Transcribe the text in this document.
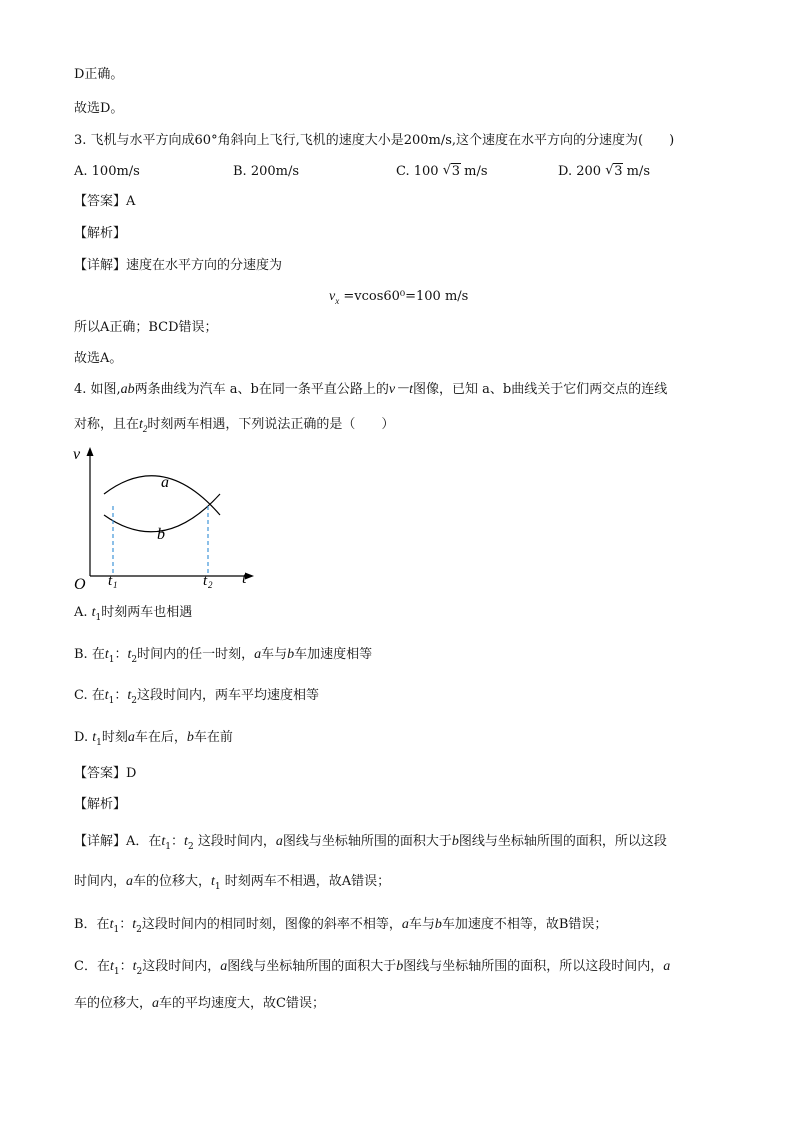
D正确。
故选D。
3. 飞机与水平方向成60°角斜向上飞行,飞机的速度大小是200m/s,这个速度在水平方向的分速度为(　　)
A. 100m/s	B. 200m/s	C. 100 √ 3 m/s	D. 200 √ 3 m/s
【答案】A
【解析】
【详解】速度在水平方向的分速度为
$v_x =vcos60^0=100$ m/s
所以A正确；BCD错误；
故选A。
4. 如图,ab两条曲线为汽车 a、b在同一条平直公路上的v－t图像，已知 a、b曲线关于它们两交点的连线
对称，且在$t_2$时刻两车相遇，下列说法正确的是（　　）
v
t
O
a
b
t 1	t 2
A. $t_1$时刻两车也相遇
B. 在$t_1$：$t_2$时间内的任一时刻，a车与b车加速度相等
C. 在$t_1$：$t_2$这段时间内，两车平均速度相等
D. $t_1$时刻a车在后，b车在前
【答案】D
【解析】
【详解】A．在$t_1$：$t_2$ 这段时间内，a图线与坐标轴所围的面积大于b图线与坐标轴所围的面积，所以这段
时间内，a车的位移大，$t_1$ 时刻两车不相遇，故A错误；
B．在$t_1$：$t_2$这段时间内的相同时刻，图像的斜率不相等，a车与b车加速度不相等，故B错误；
C．在$t_1$：$t_2$这段时间内，a图线与坐标轴所围的面积大于b图线与坐标轴所围的面积，所以这段时间内，a
车的位移大，a车的平均速度大，故C错误；
